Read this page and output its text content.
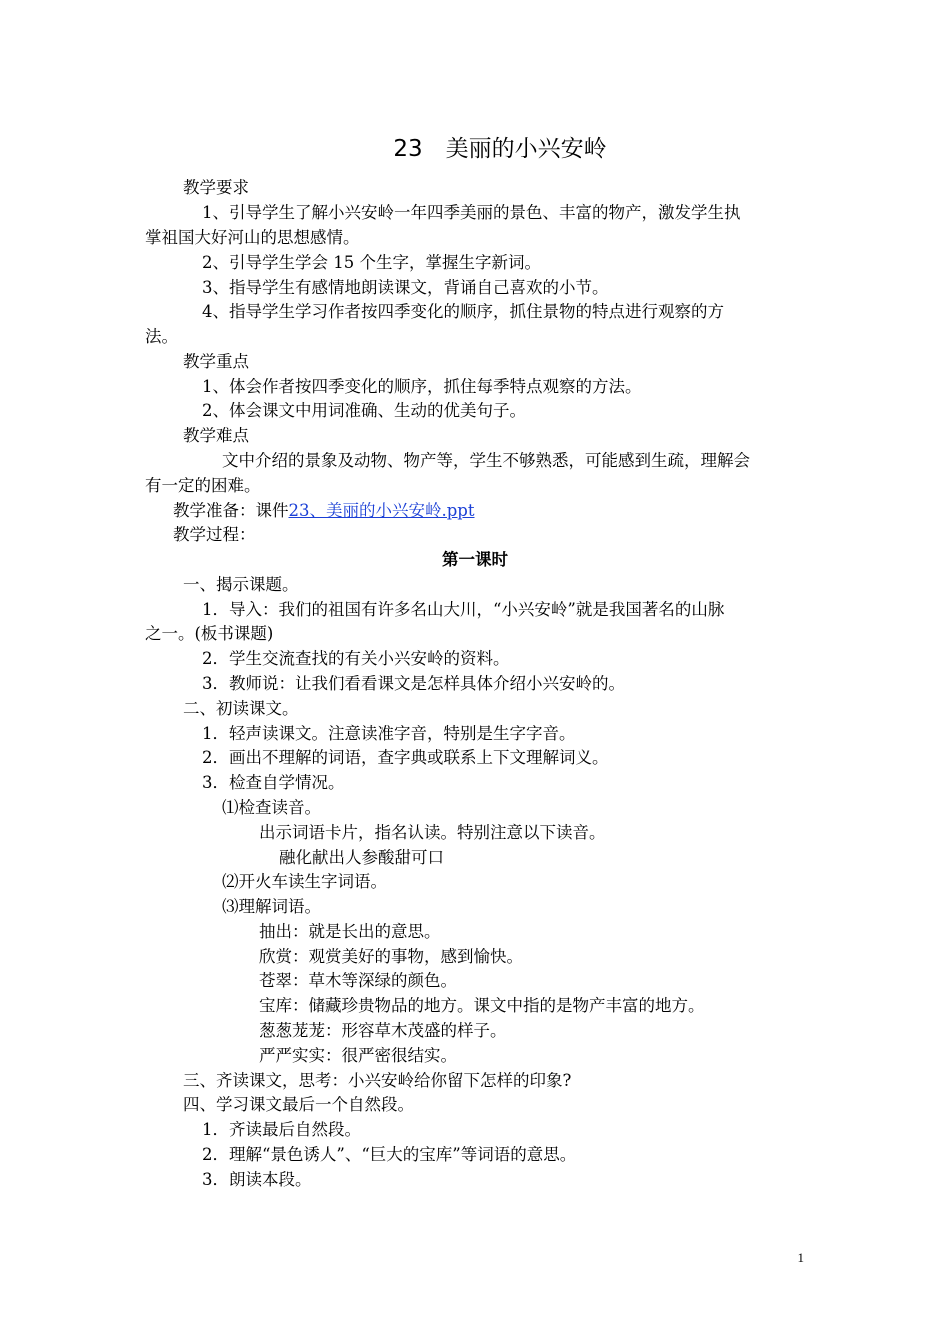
23　美丽的小兴安岭
教学要求
1、引导学生了解小兴安岭一年四季美丽的景色、丰富的物产，激发学生执
掌祖国大好河山的思想感情。
2、引导学生学会 15 个生字，掌握生字新词。
3、指导学生有感情地朗读课文，背诵自己喜欢的小节。
4、指导学生学习作者按四季变化的顺序，抓住景物的特点进行观察的方
法。
教学重点
1、体会作者按四季变化的顺序，抓住每季特点观察的方法。
2、体会课文中用词准确、生动的优美句子。
教学难点
文中介绍的景象及动物、物产等，学生不够熟悉，可能感到生疏，理解会
有一定的困难。
教学准备：课件23、美丽的小兴安岭.ppt
教学过程：
第一课时
一、揭示课题。
1．导入：我们的祖国有许多名山大川，“小兴安岭”就是我国著名的山脉
之一。(板书课题)
2．学生交流查找的有关小兴安岭的资料。
3．教师说：让我们看看课文是怎样具体介绍小兴安岭的。
二、初读课文。
1．轻声读课文。注意读准字音，特别是生字字音。
2．画出不理解的词语，查字典或联系上下文理解词义。
3．检查自学情况。
⑴检查读音。
出示词语卡片，指名认读。特别注意以下读音。
融化献出人参酸甜可口
⑵开火车读生字词语。
⑶理解词语。
抽出：就是长出的意思。
欣赏：观赏美好的事物，感到愉快。
苍翠：草木等深绿的颜色。
宝库：储藏珍贵物品的地方。课文中指的是物产丰富的地方。
葱葱茏茏：形容草木茂盛的样子。
严严实实：很严密很结实。
三、齐读课文，思考：小兴安岭给你留下怎样的印象?
四、学习课文最后一个自然段。
1．齐读最后自然段。
2．理解“景色诱人”、“巨大的宝库”等词语的意思。
3．朗读本段。
1
